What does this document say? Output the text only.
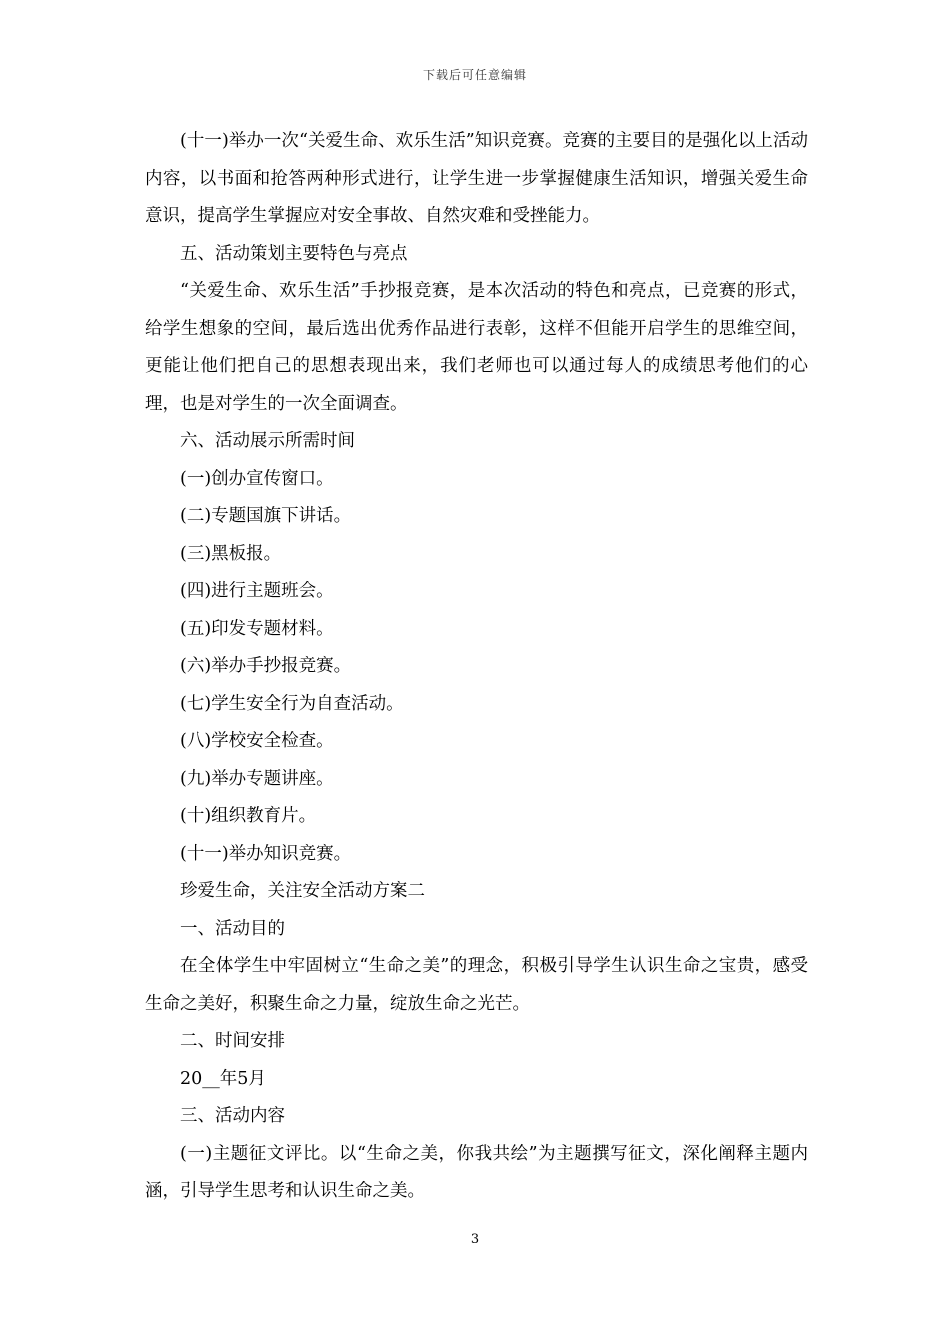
下载后可任意编辑

(十一)举办一次“关爱生命、欢乐生活”知识竞赛。竞赛的主要目的是强化以上活动内容，以书面和抢答两种形式进行，让学生进一步掌握健康生活知识，增强关爱生命意识，提高学生掌握应对安全事故、自然灾难和受挫能力。

五、活动策划主要特色与亮点

“关爱生命、欢乐生活”手抄报竞赛，是本次活动的特色和亮点，已竞赛的形式，给学生想象的空间，最后选出优秀作品进行表彰，这样不但能开启学生的思维空间，更能让他们把自己的思想表现出来，我们老师也可以通过每人的成绩思考他们的心理，也是对学生的一次全面调查。

六、活动展示所需时间

(一)创办宣传窗口。

(二)专题国旗下讲话。

(三)黑板报。

(四)进行主题班会。

(五)印发专题材料。

(六)举办手抄报竞赛。

(七)学生安全行为自查活动。

(八)学校安全检查。

(九)举办专题讲座。

(十)组织教育片。

(十一)举办知识竞赛。

珍爱生命，关注安全活动方案二

一、活动目的

在全体学生中牢固树立“生命之美”的理念，积极引导学生认识生命之宝贵，感受生命之美好，积聚生命之力量，绽放生命之光芒。

二、时间安排

20__年5月

三、活动内容

(一)主题征文评比。以“生命之美，你我共绘”为主题撰写征文，深化阐释主题内涵，引导学生思考和认识生命之美。

3
